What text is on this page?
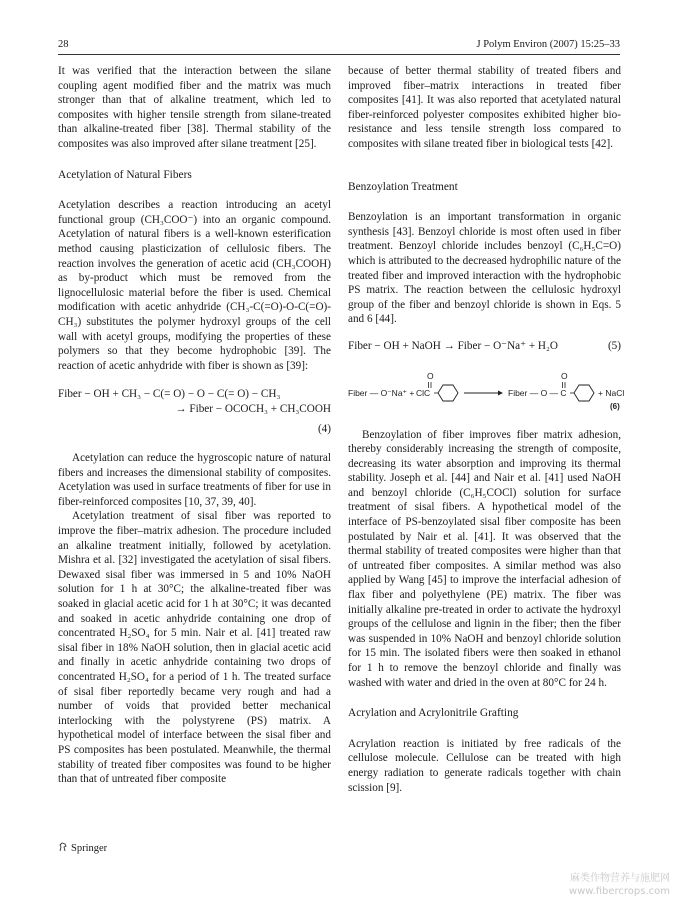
28	J Polym Environ (2007) 15:25–33

It was verified that the interaction between the silane coupling agent modified fiber and the matrix was much stronger than that of alkaline treatment, which led to composites with higher tensile strength from silane-treated than alkaline-treated fiber [38]. Thermal stability of the composites was also improved after silane treatment [25].

Acetylation of Natural Fibers

Acetylation describes a reaction introducing an acetyl functional group (CH₃COO⁻) into an organic compound. Acetylation of natural fibers is a well-known esterification method causing plasticization of cellulosic fibers. The reaction involves the generation of acetic acid (CH₃COOH) as by-product which must be removed from the lignocellulosic material before the fiber is used. Chemical modification with acetic anhydride (CH₃-C(=O)-O-C(=O)-CH₃) substitutes the polymer hydroxyl groups of the cell wall with acetyl groups, modifying the properties of these polymers so that they become hydrophobic [39]. The reaction of acetic anhydride with fiber is shown as [39]:

Fiber − OH + CH₃ − C(= O) − O − C(= O) − CH₃
→ Fiber − OCOCH₃ + CH₃COOH
(4)

Acetylation can reduce the hygroscopic nature of natural fibers and increases the dimensional stability of composites. Acetylation was used in surface treatments of fiber for use in fiber-reinforced composites [10, 37, 39, 40].

Acetylation treatment of sisal fiber was reported to improve the fiber–matrix adhesion. The procedure included an alkaline treatment initially, followed by acetylation. Mishra et al. [32] investigated the acetylation of sisal fibers. Dewaxed sisal fiber was immersed in 5 and 10% NaOH solution for 1 h at 30°C; the alkaline-treated fiber was soaked in glacial acetic acid for 1 h at 30°C; it was decanted and soaked in acetic anhydride containing one drop of concentrated H₂SO₄ for 5 min. Nair et al. [41] treated raw sisal fiber in 18% NaOH solution, then in glacial acetic acid and finally in acetic anhydride containing two drops of concentrated H₂SO₄ for a period of 1 h. The treated surface of sisal fiber reportedly became very rough and had a number of voids that provided better mechanical interlocking with the polystyrene (PS) matrix. A hypothetical model of interface between the sisal fiber and PS composites has been postulated. Meanwhile, the thermal stability of treated fiber composites was found to be higher than that of untreated fiber composite

because of better thermal stability of treated fibers and improved fiber–matrix interactions in treated fiber composites [41]. It was also reported that acetylated natural fiber-reinforced polyester composites exhibited higher bio-resistance and less tensile strength loss compared to composites with silane treated fiber in biological tests [42].

Benzoylation Treatment

Benzoylation is an important transformation in organic synthesis [43]. Benzoyl chloride is most often used in fiber treatment. Benzoyl chloride includes benzoyl (C₆H₅C=O) which is attributed to the decreased hydrophilic nature of the treated fiber and improved interaction with the hydrophobic PS matrix. The reaction between the cellulosic hydroxyl group of the fiber and benzoyl chloride is shown in Eqs. 5 and 6 [44].

Fiber − OH + NaOH → Fiber − O⁻Na⁺ + H₂O	(5)
Fiber — O⁻Na⁺ + ClC
O
Fiber — O — C
O
+ NaCl
(6)

Benzoylation of fiber improves fiber matrix adhesion, thereby considerably increasing the strength of composite, decreasing its water absorption and improving its thermal stability. Joseph et al. [44] and Nair et al. [41] used NaOH and benzoyl chloride (C₆H₅COCl) solution for surface treatment of sisal fibers. A hypothetical model of the interface of PS-benzoylated sisal fiber composite has been postulated by Nair et al. [41]. It was observed that the thermal stability of treated composites were higher than that of untreated fiber composites. A similar method was also applied by Wang [45] to improve the interfacial adhesion of flax fiber and polyethylene (PE) matrix. The fiber was initially alkaline pre-treated in order to activate the hydroxyl groups of the cellulose and lignin in the fiber; then the fiber was suspended in 10% NaOH and benzoyl chloride solution for 15 min. The isolated fibers were then soaked in ethanol for 1 h to remove the benzoyl chloride and finally was washed with water and dried in the oven at 80°C for 24 h.

Acrylation and Acrylonitrile Grafting

Acrylation reaction is initiated by free radicals of the cellulose molecule. Cellulose can be treated with high energy radiation to generate radicals together with chain scission [9].

Springer
麻类作物营养与施肥网
www.fibercrops.com
